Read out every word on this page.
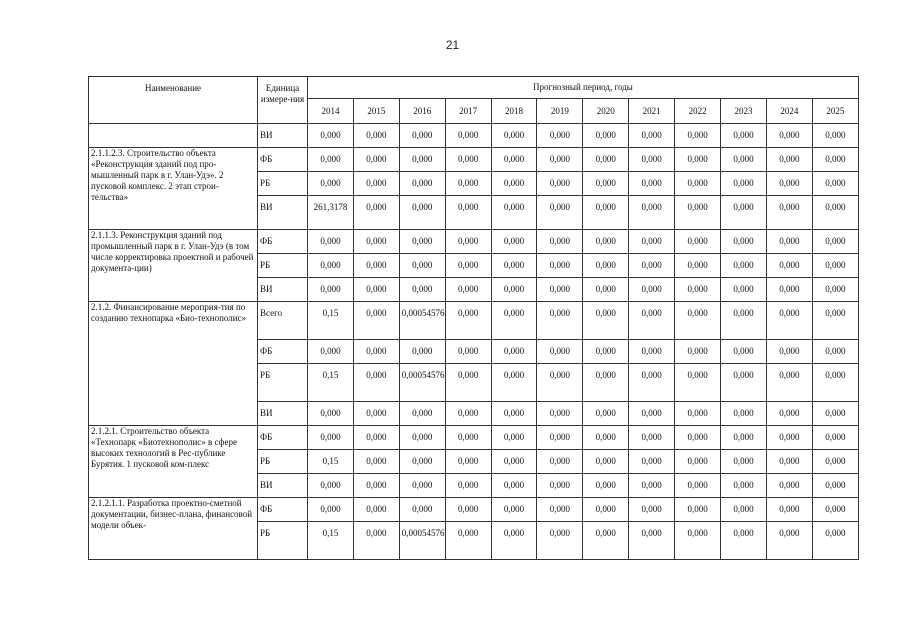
21
Наименование	Единица измере-ния	Прогнозный период, годы											
		2014	2015	2016	2017	2018	2019	2020	2021	2022	2023	2024	2025
	ВИ	0,000	0,000	0,000	0,000	0,000	0,000	0,000	0,000	0,000	0,000	0,000	0,000
2.1.1.2.3. Строительство объекта «Реконструкция зданий под про-мышленный парк в г. Улан-Удэ». 2 пусковой комплекс. 2 этап строи-тельства»	ФБ	0,000	0,000	0,000	0,000	0,000	0,000	0,000	0,000	0,000	0,000	0,000	0,000
	РБ	0,000	0,000	0,000	0,000	0,000	0,000	0,000	0,000	0,000	0,000	0,000	0,000
	ВИ	261,3178	0,000	0,000	0,000	0,000	0,000	0,000	0,000	0,000	0,000	0,000	0,000
2.1.1.3. Реконструкция зданий под промышленный парк в г. Улан-Удэ (в том числе корректировка проектной и рабочей документа-ции)	ФБ	0,000	0,000	0,000	0,000	0,000	0,000	0,000	0,000	0,000	0,000	0,000	0,000
	РБ	0,000	0,000	0,000	0,000	0,000	0,000	0,000	0,000	0,000	0,000	0,000	0,000
	ВИ	0,000	0,000	0,000	0,000	0,000	0,000	0,000	0,000	0,000	0,000	0,000	0,000
2.1.2. Финансирование мероприя-тия по созданию технопарка «Био-технополис»	Всего	0,15	0,000	0,00054576	0,000	0,000	0,000	0,000	0,000	0,000	0,000	0,000	0,000
	ФБ	0,000	0,000	0,000	0,000	0,000	0,000	0,000	0,000	0,000	0,000	0,000	0,000
	РБ	0,15	0,000	0,00054576	0,000	0,000	0,000	0,000	0,000	0,000	0,000	0,000	0,000
	ВИ	0,000	0,000	0,000	0,000	0,000	0,000	0,000	0,000	0,000	0,000	0,000	0,000
2.1.2.1. Строительство объекта «Технопарк «Биотехнополис» в сфере высоких технологий в Рес-публике Бурятия. 1 пусковой ком-плекс	ФБ	0,000	0,000	0,000	0,000	0,000	0,000	0,000	0,000	0,000	0,000	0,000	0,000
	РБ	0,15	0,000	0,000	0,000	0,000	0,000	0,000	0,000	0,000	0,000	0,000	0,000
	ВИ	0,000	0,000	0,000	0,000	0,000	0,000	0,000	0,000	0,000	0,000	0,000	0,000
2.1.2.1.1. Разработка проектно-сметной документации, бизнес-плана, финансовой модели объек-	ФБ	0,000	0,000	0,000	0,000	0,000	0,000	0,000	0,000	0,000	0,000	0,000	0,000
	РБ	0,15	0,000	0,00054576	0,000	0,000	0,000	0,000	0,000	0,000	0,000	0,000	0,000
